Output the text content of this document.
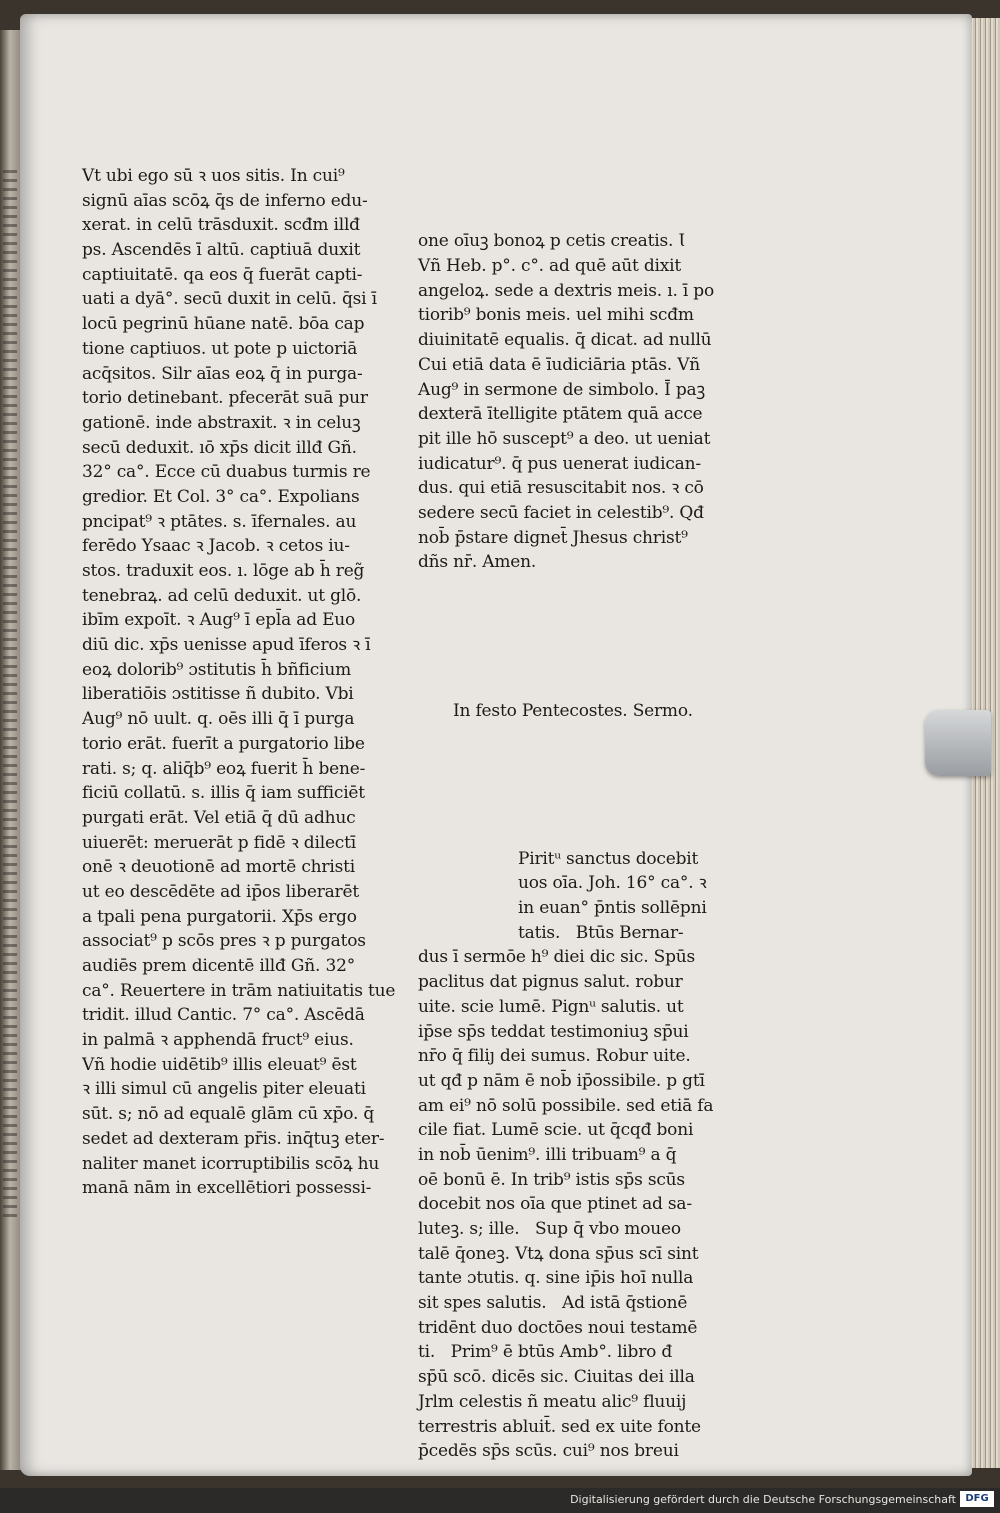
Vt ubi ego sū ꝛ uos sitis. In cui⁹
signū aīas scōꝝ q̄s de inferno edu-
xerat. in celū trāsduxit. scđm illđ
ps. Ascendēs ī altū. captiuā duxit
captiuitatē. qa eos q̄ fuerāt capti-
uati a dyā°. secū duxit in celū. q̄si ī
locū pegrinū hūane natē. bōa cap
tione captiuos. ut pote p uictoriā
acq̄sitos. Silr aīas eoꝝ q̄ in purga-
torio detinebant. pfecerāt suā pur
gationē. inde abstraxit. ꝛ in celuꝫ
secū deduxit. ıō xp̄s dicit illđ Gñ.
32° ca°. Ecce cū duabus turmis re
gredior. Et Col. 3° ca°. Expolians
pncipat⁹ ꝛ ptātes. s. īfernales. au
ferēdo Ysaac ꝛ Jacob. ꝛ cetos iu-
stos. traduxit eos. ı. lōge ab h̄ reg̃
tenebraꝝ. ad celū deduxit. ut glō.
ibīm expoīt. ꝛ Aug⁹ ī epl̄a ad Euo
diū dic. xp̄s uenisse apud īferos ꝛ ī
eoꝝ dolorib⁹ ɔstitutis h̄ bñficium
liberatiōis ɔstitisse ñ dubito. Vbi
Aug⁹ nō uult. q. oēs illi q̄ ī purga
torio erāt. fuerīt a purgatorio libe
rati. s; q. aliq̄b⁹ eoꝝ fuerit h̄ bene-
ficiū collatū. s. illis q̄ iam sufficiēt
purgati erāt. Vel etiā q̄ dū adhuc
uiuerēt: meruerāt p fidē ꝛ dilectī
onē ꝛ deuotionē ad mortē christi
ut eo descēdēte ad ip̄os liberarēt
a tpali pena purgatorii. Xp̄s ergo
associat⁹ p scōs pres ꝛ p purgatos
audiēs prem dicentē illđ Gñ. 32°
ca°. Reuertere in trām natiuitatis tue
tridit. illud Cantic. 7° ca°. Ascēdā
in palmā ꝛ apphendā fruct⁹ eius.
Vñ hodie uidētib⁹ illis eleuat⁹ ēst
ꝛ illi simul cū angelis piter eleuati
sūt. s; nō ad equalē glām cū xp̄o. q̄
sedet ad dexteram pr̄is. inq̄tuꝫ eter-
naliter manet icorruptibilis scōꝝ hu
manā nām in excellētiori possessi-

one oīuꝫ bonoꝝ p cetis creatis. Ɩ
Vñ Heb. p°. c°. ad quē aūt dixit
angeloꝝ. sede a dextris meis. ı. ī po
tiorib⁹ bonis meis. uel mihi scđm
diuinitatē equalis. q̄ dicat. ad nullū
Cui etiā data ē īudiciāria ptās. Vñ
Aug⁹ in sermone de simbolo. Ī paꝫ
dexterā ītelligite ptātem quā acce
pit ille hō suscept⁹ a deo. ut ueniat
iudicatur⁹. q̄ pus uenerat iudican-
dus. qui etiā resuscitabit nos. ꝛ cō
sedere secū faciet in celestib⁹. Qđ
nob̄ p̄stare dignet̄ Jhesus christ⁹
dñs nr̄. Amen.

In festo Pentecostes. Sermo.

Piritᵘ sanctus docebit
uos oīa. Joh. 16° ca°. ꝛ
in euan° p̄ntis sollēpni
tatis.   Btūs Bernar-
dus ī sermōe h⁹ diei dic sic. Spūs
paclitus dat pignus salut. robur
uite. scie lumē. Pignᵘ salutis. ut
ip̄se sp̄s teddat testimoniuꝫ sp̄ui
nr̄o q̄ filiȷ dei sumus. Robur uite.
ut qđ p nām ē nob̄ ip̄ossibile. p gtī
am ei⁹ nō solū possibile. sed etiā fa
cile fiat. Lumē scie. ut q̄cqđ boni
in nob̄ ūenim⁹. illi tribuam⁹ a q̄
oē bonū ē. In trib⁹ istis sp̄s scūs
docebit nos oīa que ptinet ad sa-
luteꝫ. s; ille.   Sup q̄ vbo moueo
talē q̄oneꝫ. Vtꝝ dona sp̄us scī sint
tante ɔtutis. q. sine ip̄is hoī nulla
sit spes salutis.   Ad istā q̄stionē
tridēnt duo doctōes noui testamē
ti.   Prim⁹ ē btūs Amb°. libro đ
sp̄ū scō. dicēs sic. Ciuitas dei illa
Jrlm celestis ñ meatu alic⁹ fluuij
terrestris abluit̄. sed ex uite fonte
p̄cedēs sp̄s scūs. cui⁹ nos breui

Digitalisierung gefördert durch die Deutsche Forschungsgemeinschaft DFG
